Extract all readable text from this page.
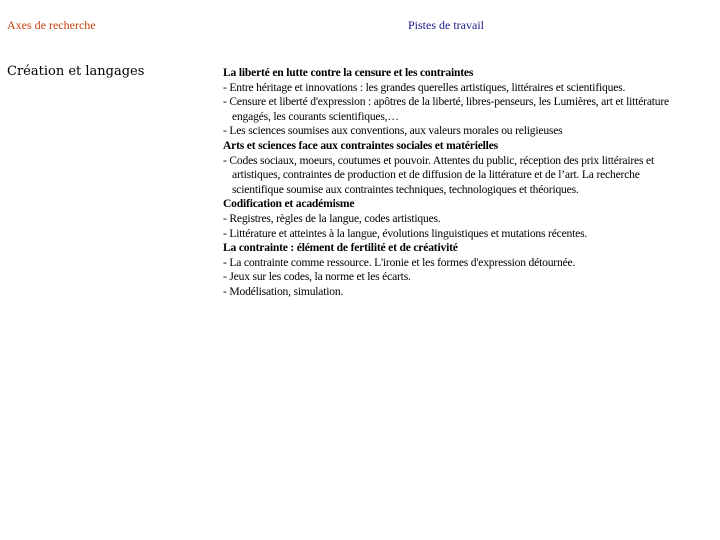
Axes de recherche	Pistes de travail
Création et langages	La liberté en lutte contre la censure et les contraintes
- Entre héritage et innovations : les grandes querelles artistiques, littéraires et scientifiques.
- Censure et liberté d'expression : apôtres de la liberté, libres-penseurs, les Lumières, art et littérature
engagés, les courants scientifiques,…
- Les sciences soumises aux conventions, aux valeurs morales ou religieuses
Arts et sciences face aux contraintes sociales et matérielles
- Codes sociaux, moeurs, coutumes et pouvoir. Attentes du public, réception des prix littéraires et
artistiques, contraintes de production et de diffusion de la littérature et de l’art. La recherche
scientifique soumise aux contraintes techniques, technologiques et théoriques.
Codification et académisme
- Registres, règles de la langue, codes artistiques.
- Littérature et atteintes à la langue, évolutions linguistiques et mutations récentes.
La contrainte : élément de fertilité et de créativité
- La contrainte comme ressource. L'ironie et les formes d'expression détournée.
- Jeux sur les codes, la norme et les écarts.
- Modélisation, simulation.
